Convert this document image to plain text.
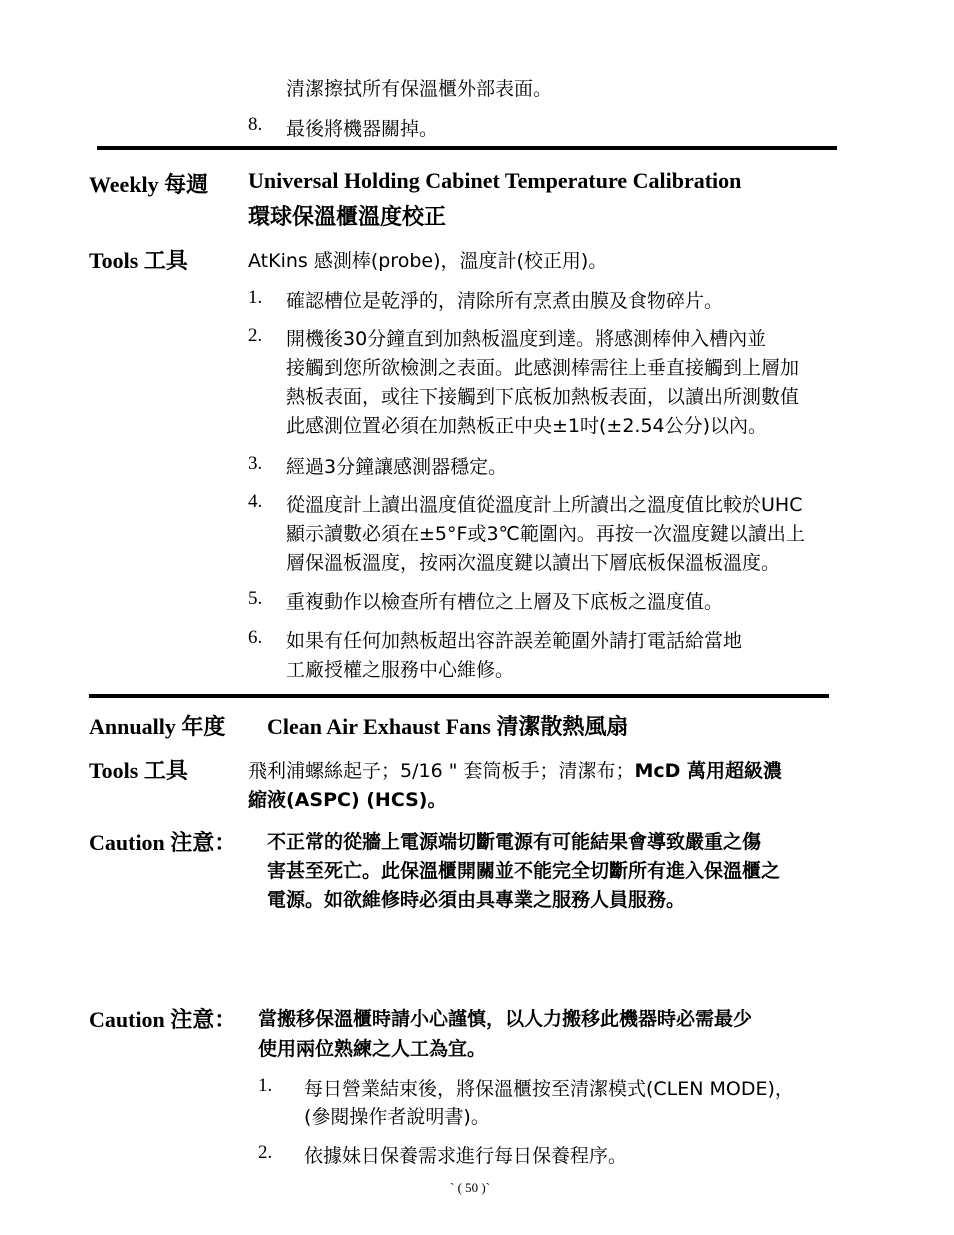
清潔擦拭所有保溫櫃外部表面。
8. 最後將機器關掉。
Weekly 每週 Universal Holding Cabinet Temperature Calibration
環球保溫櫃溫度校正
Tools 工具	AtKins 感測棒(probe)，溫度計(校正用)。
1. 確認槽位是乾淨的，清除所有烹煮由膜及食物碎片。
2. 開機後30分鐘直到加熱板溫度到達。將感測棒伸入槽內並
接觸到您所欲檢測之表面。此感測棒需往上垂直接觸到上層加
熱板表面，或往下接觸到下底板加熱板表面，以讀出所測數值
此感測位置必須在加熱板正中央±1吋(±2.54公分)以內。
3. 經過3分鐘讓感測器穩定。
4. 從溫度計上讀出溫度值從溫度計上所讀出之溫度值比較於UHC
顯示讀數必須在±5°F或3℃範圍內。再按一次溫度鍵以讀出上
層保溫板溫度，按兩次溫度鍵以讀出下層底板保溫板溫度。
5. 重複動作以檢查所有槽位之上層及下底板之溫度值。
6. 如果有任何加熱板超出容許誤差範圍外請打電話給當地
工廠授權之服務中心維修。
Annually 年度 Clean Air Exhaust Fans 清潔散熱風扇
Tools 工具	飛利浦螺絲起子；5/16 " 套筒板手；清潔布；McD 萬用超級濃
縮液(ASPC) (HCS)。
Caution 注意： 不正常的從牆上電源端切斷電源有可能結果會導致嚴重之傷
害甚至死亡。此保溫櫃開關並不能完全切斷所有進入保溫櫃之
電源。如欲維修時必須由具專業之服務人員服務。
Caution 注意： 當搬移保溫櫃時請小心謹慎，以人力搬移此機器時必需最少
使用兩位熟練之人工為宜。
1. 每日營業結束後，將保溫櫃按至清潔模式(CLEN MODE)，
(參閱操作者說明書)。
2. 依據妹日保養需求進行每日保養程序。
` ( 50 )`
